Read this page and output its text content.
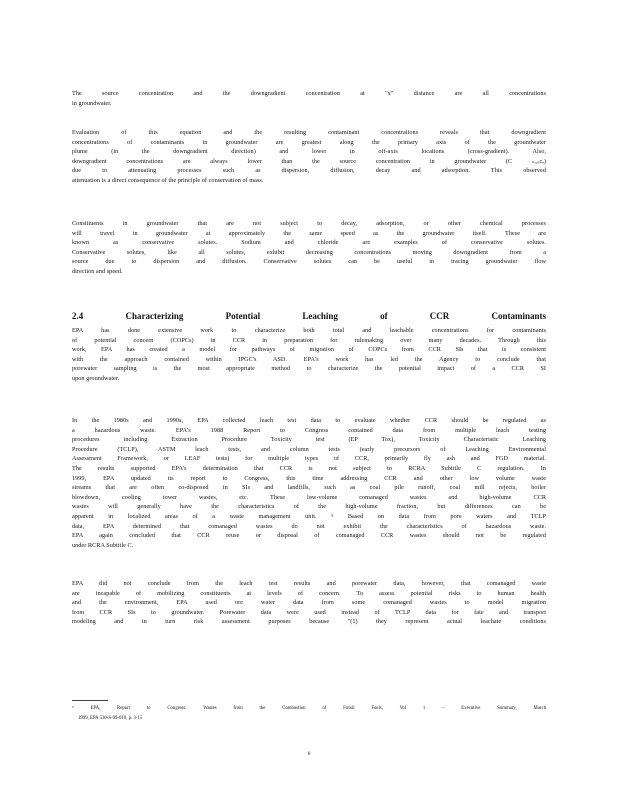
The source concentration and the downgradient concentration at "x" distance are all concentrations
in groundwater.
Evaluation of this equation and the resulting contaminant concentrations reveals that downgradient
concentrations of contaminants in groundwater are greatest along the primary axis of the groundwater
plume (in the downgradient direction) and lower in off-axis locations (cross-gradient). Also,
downgradient concentrations are always lower than the source concentration in groundwater (C ₛₒᵤᵣcₑ)
due to attenuating processes such as dispersion, diffusion, decay and adsorption. This observed
attenuation is a direct consequence of the principle of conservation of mass.
Constituents in groundwater that are not subject to decay, adsorption, or other chemical processes
will travel in groundwater at approximately the same speed as the groundwater itself. These are
known as conservative solutes. Sodium and chloride are examples of conservative solutes.
Conservative solutes, like all solutes, exhibit decreasing concentrations moving downgradient from a
source due to dispersion and diffusion. Conservative solutes can be useful in tracing groundwater flow
direction and speed.
2.4	Characterizing	Potential	Leaching	of	CCR	Contaminants
EPA has done extensive work to characterize both total and leachable concentrations for contaminants
of potential concern (COPCs) in CCR in preparation for rulemaking over many decades. Through this
work, EPA has created a model for pathways of migration of COPCs from CCR SIs that is consistent
with the approach contained within IPGC's ASD. EPA's work has led the Agency to conclude that
porewater sampling is the most appropriate method to characterize the potential impact of a CCR SI
upon groundwater.
In the 1980s and 1990s, EPA collected leach test data to evaluate whether CCR should be regulated as
a hazardous waste. EPA's 1988 Report to Congress contained data from multiple leach testing
procedures including Extraction Procedure Toxicity test (EP Tox), Toxicity Characteristic Leaching
Procedure (TCLP), ASTM leach tests, and column tests (early precursors of Leaching Environmental
Assessment Framework, or LEAF tests) for multiple types of CCR, primarily fly ash and FGD material.
The results supported EPA's determination that CCR is not subject to RCRA Subtitle C regulation. In
1999, EPA updated its report to Congress, this time addressing CCR and other low volume waste
streams that are often co-disposed in SIs and landfills, such as coal pile runoff, coal mill rejects, boiler
blowdown, cooling tower wastes, etc. These low-volume comanaged wastes and high-volume CCR
wastes will generally have the characteristics of the high-volume fraction, but differences can be
apparent in localized areas of a waste management unit. ⁵ Based on data from pore waters and TCLP
data, EPA determined that comanaged wastes do not exhibit the characteristics of hazardous waste.
EPA again concluded that CCR reuse or disposal of comanaged CCR wastes should not be regulated
under RCRA Subtitle C.
EPA did not conclude from the leach test results and porewater data, however, that comanaged waste
are incapable of mobilizing constituents at levels of concern. To assess potential risks to human health
and the environment, EPA used ore water data from some comanaged wastes to model migration
from CCR SIs to groundwater. Porewater data were used instead of TCLP data for fate and transport
modeling and in turn risk assessment purposes because "(1) they represent actual leachate conditions
⁵	EPA, Report to Congress: Wastes from the Combustion of Fossil Fuels, Vol 1 – Executive Summary, March
1999, EPA 530-S-99-010, p. 3-15
6
